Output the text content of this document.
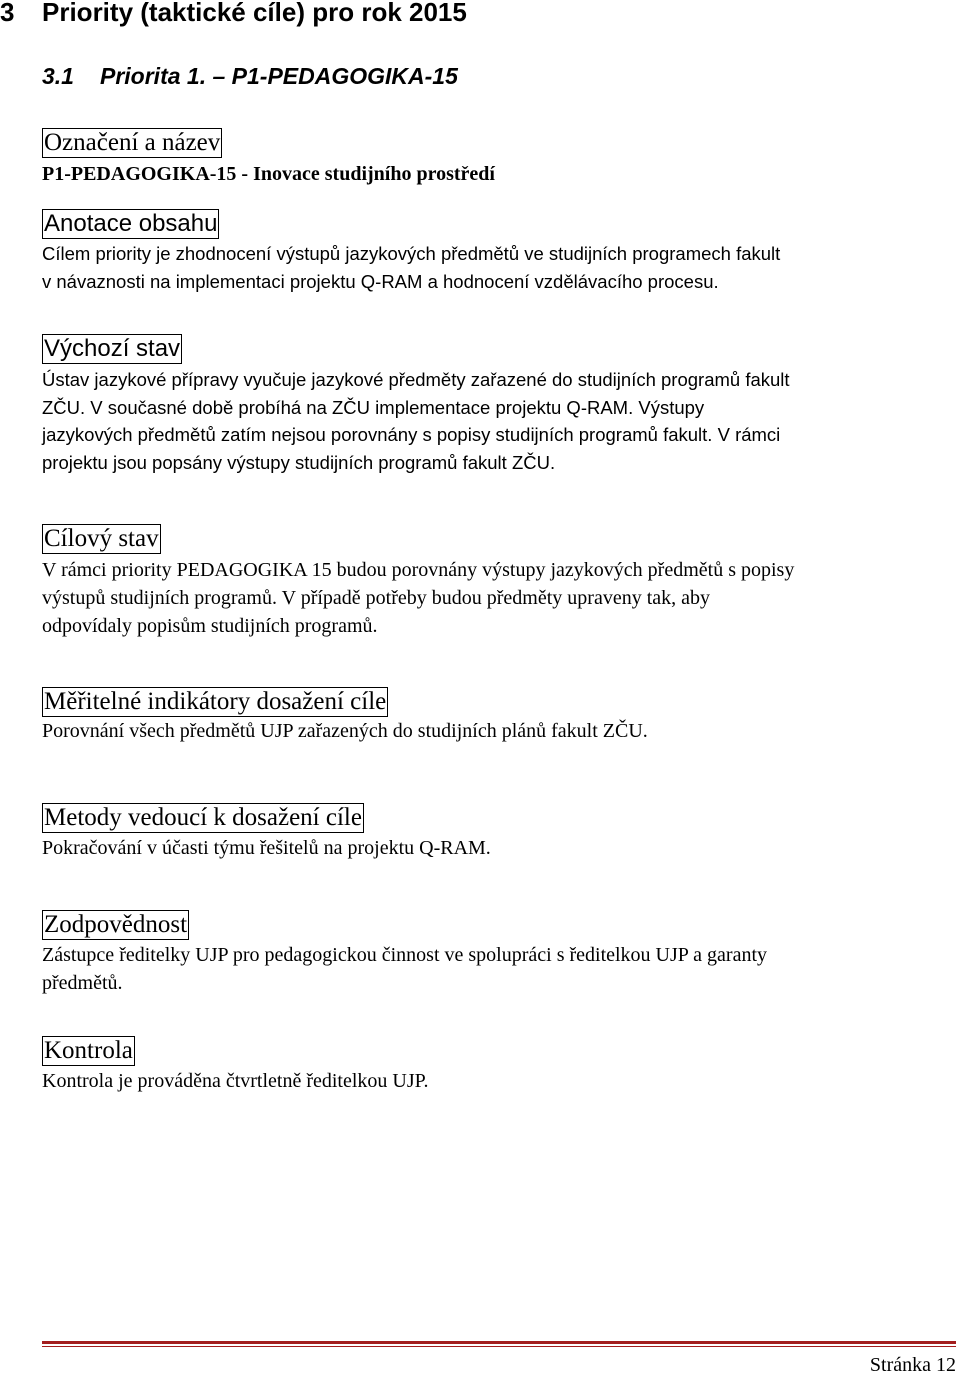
3 Priority (taktické cíle) pro rok 2015
3.1 Priorita 1. – P1-PEDAGOGIKA-15
Označení a název
P1-PEDAGOGIKA-15 - Inovace studijního prostředí
Anotace obsahu
Cílem priority je zhodnocení výstupů jazykových předmětů ve studijních programech fakult
v návaznosti na implementaci projektu Q-RAM a hodnocení vzdělávacího procesu.
Výchozí stav
Ústav jazykové přípravy vyučuje jazykové předměty zařazené do studijních programů fakult
ZČU. V současné době probíhá na ZČU implementace projektu Q-RAM. Výstupy
jazykových předmětů zatím nejsou porovnány s popisy studijních programů fakult. V rámci
projektu jsou popsány výstupy studijních programů fakult ZČU.
Cílový stav
V rámci priority PEDAGOGIKA 15 budou porovnány výstupy jazykových předmětů s popisy
výstupů studijních programů. V případě potřeby budou předměty upraveny tak, aby
odpovídaly popisům studijních programů.
Měřitelné indikátory dosažení cíle
Porovnání všech předmětů UJP zařazených do studijních plánů fakult ZČU.
Metody vedoucí k dosažení cíle
Pokračování v účasti týmu řešitelů na projektu Q-RAM.
Zodpovědnost
Zástupce ředitelky UJP pro pedagogickou činnost ve spolupráci s ředitelkou UJP a garanty
předmětů.
Kontrola
Kontrola je prováděna čtvrtletně ředitelkou UJP.
Stránka 12
